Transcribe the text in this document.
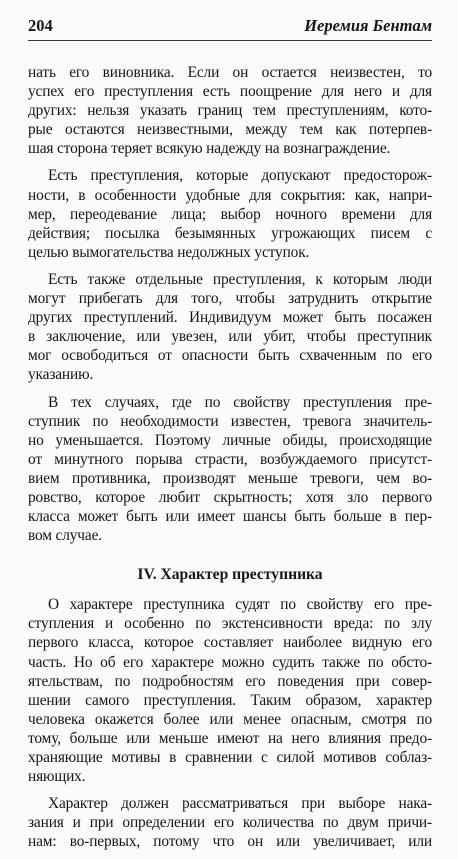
204	Иеремия Бентам
нать его виновника. Если он остается неизвестен, то
успех его преступления есть поощрение для него и для
других: нельзя указать границ тем преступлениям, кото-
рые остаются неизвестными, между тем как потерпев-
шая сторона теряет всякую надежду на вознаграждение.
Есть преступления, которые допускают предосторож-
ности, в особенности удобные для сокрытия: как, напри-
мер, переодевание лица; выбор ночного времени для
действия; посылка безымянных угрожающих писем с
целью вымогательства недолжных уступок.
Есть также отдельные преступления, к которым люди
могут прибегать для того, чтобы затруднить открытие
других преступлений. Индивидуум может быть посажен
в заключение, или увезен, или убит, чтобы преступник
мог освободиться от опасности быть схваченным по его
указанию.
В тех случаях, где по свойству преступления пре-
ступник по необходимости известен, тревога значитель-
но уменьшается. Поэтому личные обиды, происходящие
от минутного порыва страсти, возбуждаемого присутст-
вием противника, производят меньше тревоги, чем во-
ровство, которое любит скрытность; хотя зло первого
класса может быть или имеет шансы быть больше в пер-
вом случае.
IV. Характер преступника
О характере преступника судят по свойству его пре-
ступления и особенно по экстенсивности вреда: по злу
первого класса, которое составляет наиболее видную его
часть. Но об его характере можно судить также по обсто-
ятельствам, по подробностям его поведения при совер-
шении самого преступления. Таким образом, характер
человека окажется более или менее опасным, смотря по
тому, больше или меньше имеют на него влияния предо-
храняющие мотивы в сравнении с силой мотивов соблаз-
няющих.
Характер должен рассматриваться при выборе нака-
зания и при определении его количества по двум причи-
нам: во-первых, потому что он или увеличивает, или
